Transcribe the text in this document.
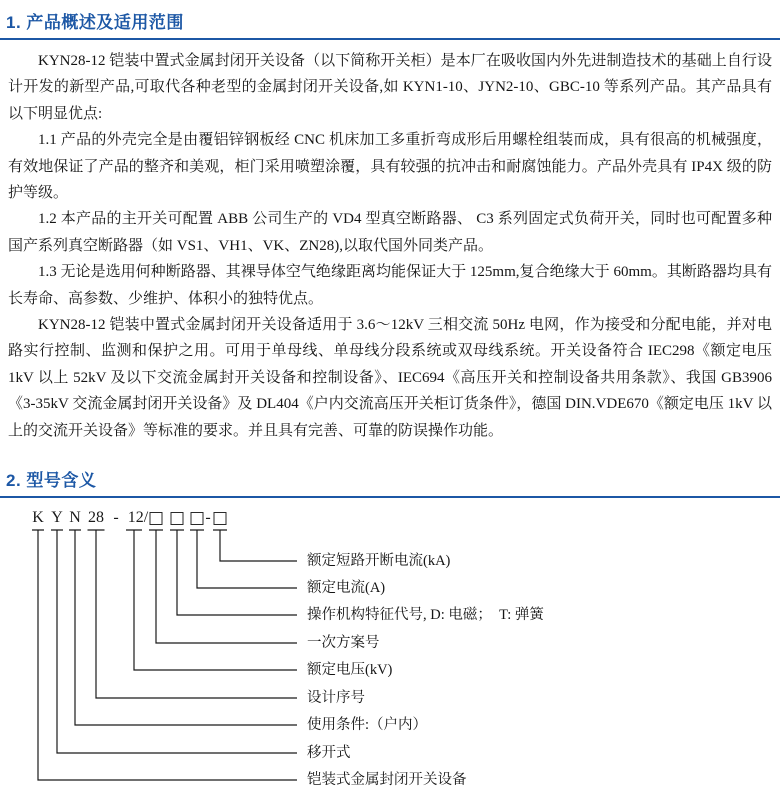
1. 产品概述及适用范围

KYN28-12 铠装中置式金属封闭开关设备（以下简称开关柜）是本厂在吸收国内外先进制造技术的基础上自行设计开发的新型产品,可取代各种老型的金属封闭开关设备,如 KYN1-10、JYN2-10、GBC-10 等系列产品。其产品具有以下明显优点:

1.1 产品的外壳完全是由覆铝锌钢板经 CNC 机床加工多重折弯成形后用螺栓组装而成，具有很高的机械强度，有效地保证了产品的整齐和美观，柜门采用喷塑涂覆，具有较强的抗冲击和耐腐蚀能力。产品外壳具有 IP4X 级的防护等级。

1.2 本产品的主开关可配置 ABB 公司生产的 VD4 型真空断路器、 C3 系列固定式负荷开关，同时也可配置多种国产系列真空断路器（如 VS1、VH1、VK、ZN28),以取代国外同类产品。

1.3 无论是选用何种断路器、其裸导体空气绝缘距离均能保证大于 125mm,复合绝缘大于 60mm。其断路器均具有长寿命、高参数、少维护、体积小的独特优点。

KYN28-12 铠装中置式金属封闭开关设备适用于 3.6～12kV 三相交流 50Hz 电网，作为接受和分配电能，并对电路实行控制、监测和保护之用。可用于单母线、单母线分段系统或双母线系统。开关设备符合 IEC298《额定电压 1kV 以上 52kV 及以下交流金属封开关设备和控制设备》、IEC694《高压开关和控制设备共用条款》、我国 GB3906《3-35kV 交流金属封闭开关设备》及 DL404《户内交流高压开关柜订货条件》，德国 DIN.VDE670《额定电压 1kV 以上的交流开关设备》等标准的要求。并且具有完善、可靠的防误操作功能。

2. 型号含义
K
铠装式金属封闭开关设备
Y
移开式
N
使用条件:（户内）
28
设计序号
- 12/
额定电压(kV)
一次方案号
操作机构特征代号, D: 电磁；　T: 弹簧
额定电流(A)
-
额定短路开断电流(kA)
